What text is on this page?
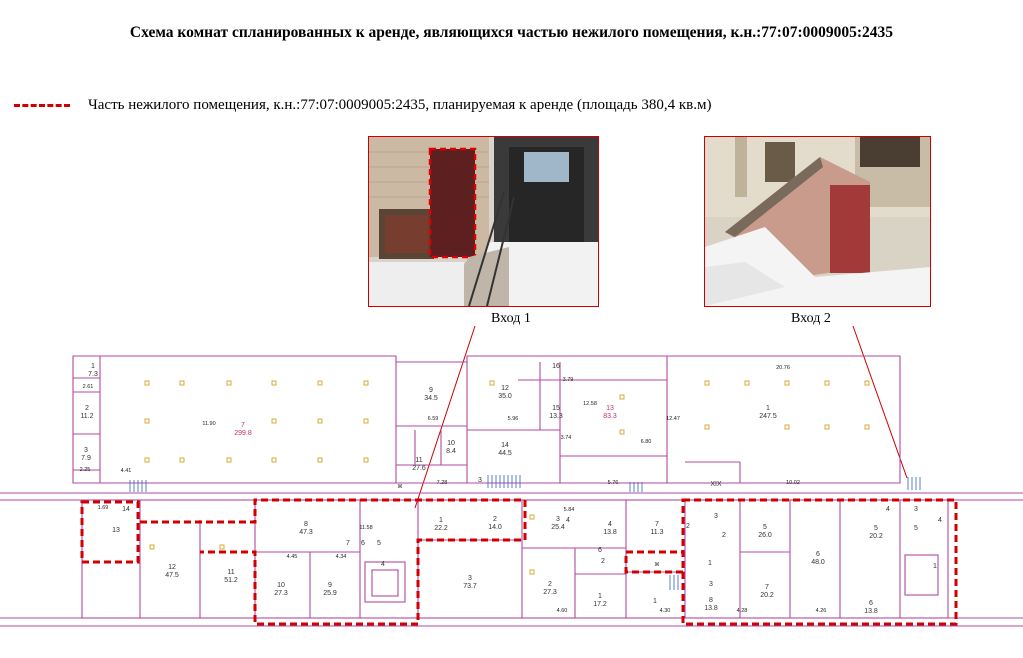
Схема комнат спланированных к аренде, являющихся частью нежилого помещения, к.н.:77:07:0009005:2435
Часть нежилого помещения, к.н.:77:07:0009005:2435, планируемая к аренде (площадь 380,4 кв.м)
Вход 1	Вход 2
1
7.3
2
11.2
3
7.9
7
299.8
9
34.5
10
8.4
11
27.6
12
35.0
13
83.3
14
44.5
15
13.3
16
1
247.5
12
47.5	11
51.2
8
47.3
10
27.3
9
25.9
1
22.2
2
14.0
3
73.7
3
25.4	4
13.8
2
27.3
1
17.2
7
11.3
5
26.0
6
48.0
7
20.2
8
13.8
5
20.2
6
13.8
14
13
7 6 5
4
3
2
1
4	3
5
4
3
1
2
1
2
3
4
6
ж
ж
XIX
20.76
11.90
12.47
12.58
6.80
5.96
6.59
4.41
2.61
2.25
1.69
7.28
11.58
4.45	4.34
5.84
5.76
4.60	4.30	4.28	4.26
10.02
3.79
3.74
